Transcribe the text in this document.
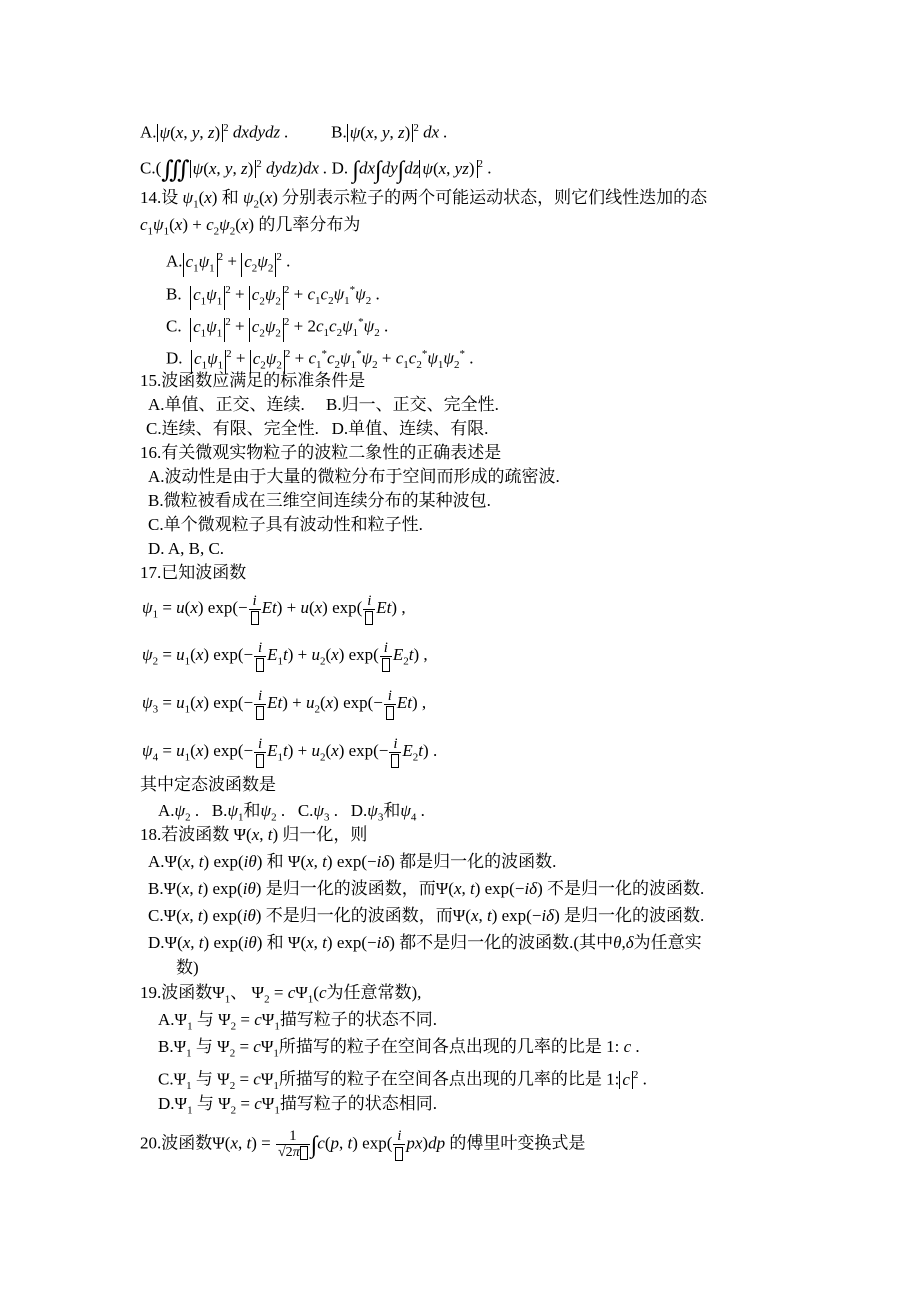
A. ψ(x, y, z) $^2$ dxdydz .	B. ψ(x, y, z) $^2$ dx .
C.(∭ ψ(x, y, z) $^2$ dydz)dx . D. ∫dx∫dy∫dz ψ(x, yz) $^2$ .
14.设 $\psi_1(x)$ 和 $\psi_2(x)$ 分别表示粒子的两个可能运动状态，则它们线性迭加的态
$c_1\psi_1(x) + c_2\psi_2(x)$ 的几率分布为
A. $c_1\psi_1^2 + c_2\psi_2^2$ .
B. $c_1\psi_1^2 + c_2\psi_2^2 + c_1c_2\psi_1^*\psi_2$ .
C. $c_1\psi_1^2 + c_2\psi_2^2 + 2c_1c_2\psi_1^*\psi_2$ .
D. $c_1\psi_1^2 + c_2\psi_2^2 + c_1^*c_2\psi_1^*\psi_2 + c_1c_2^*\psi_1\psi_2^*$ .
15.波函数应满足的标准条件是
A.单值、正交、连续.     B.归一、正交、完全性.
C.连续、有限、完全性.   D.单值、连续、有限.
16.有关微观实物粒子的波粒二象性的正确表述是
A.波动性是由于大量的微粒分布于空间而形成的疏密波.
B.微粒被看成在三维空间连续分布的某种波包.
C.单个微观粒子具有波动性和粒子性.
D. A, B, C.
17.已知波函数
$\psi_1 = u(x)$ exp(− i Et) + u(x) exp( i Et) ,
$\psi_2 = u_1(x)$ exp(− i $E_1t) + u_2(x)$ exp( i $E_2t$) ,
$\psi_3 = u_1(x)$ exp(− i $Et) + u_2(x)$ exp(− i Et) ,
$\psi_4 = u_1(x)$ exp(− i $E_1t) + u_2(x)$ exp(− i $E_2t$) .
其中定态波函数是
$A.\psi_2$ .   $B.\psi_1$和$\psi_2$ .   $C.\psi_3$ .   $D.\psi_3$和$\psi_4$ .
18.若波函数 Ψ(x, t) 归一化，则
A.Ψ(x, t) exp(iθ) 和 Ψ(x, t) exp(−iδ) 都是归一化的波函数.
B.Ψ(x, t) exp(iθ) 是归一化的波函数，而Ψ(x, t) exp(−iδ) 不是归一化的波函数.
C.Ψ(x, t) exp(iθ) 不是归一化的波函数，而Ψ(x, t) exp(−iδ) 是归一化的波函数.
D.Ψ(x, t) exp(iθ) 和 Ψ(x, t) exp(−iδ) 都不是归一化的波函数.(其中θ,δ为任意实
数)
19.波函数$\Psi_1$、 $\Psi_2 = c\Psi_1(c$为任意常数),
$A.\Psi_1$ 与 $\Psi_2 = c\Psi_1$描写粒子的状态不同.
$B.\Psi_1$ 与 $\Psi_2 = c\Psi_1$所描写的粒子在空间各点出现的几率的比是 1: c .
$C.\Psi_1$ 与 $\Psi_2 = c\Psi_1$所描写的粒子在空间各点出现的几率的比是 1: c $^2$ .
$D.\Psi_1$ 与 $\Psi_2 = c\Psi_1$描写粒子的状态相同.
20.波函数Ψ(x, $t) = \frac{1}{√2\pi} \int c(p$, t) exp( i px)dp 的傅里叶变换式是
